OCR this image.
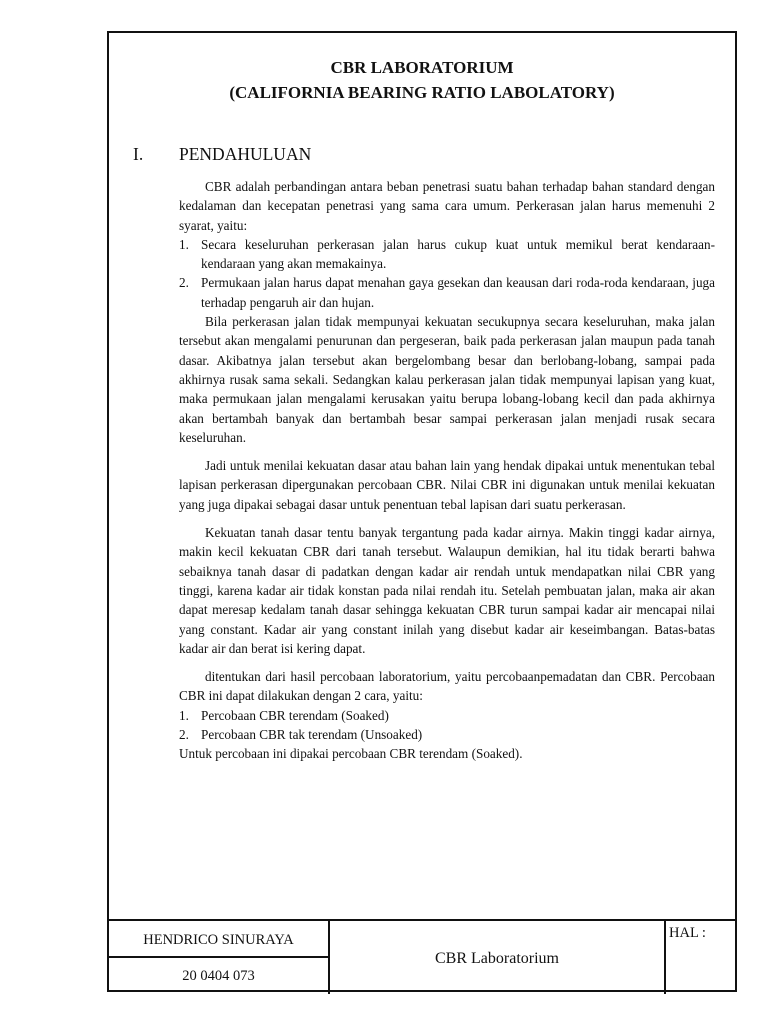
CBR LABORATORIUM
(CALIFORNIA BEARING RATIO LABOLATORY)
I. PENDAHULUAN

CBR adalah perbandingan antara beban penetrasi suatu bahan terhadap bahan standard dengan kedalaman dan kecepatan penetrasi yang sama cara umum. Perkerasan jalan harus memenuhi 2 syarat, yaitu:

1. Secara keseluruhan perkerasan jalan harus cukup kuat untuk memikul berat kendaraan-kendaraan yang akan memakainya.
2. Permukaan jalan harus dapat menahan gaya gesekan dan keausan dari roda-roda kendaraan, juga terhadap pengaruh air dan hujan.

Bila perkerasan jalan tidak mempunyai kekuatan secukupnya secara keseluruhan, maka jalan tersebut akan mengalami penurunan dan pergeseran, baik pada perkerasan jalan maupun pada tanah dasar. Akibatnya jalan tersebut akan bergelombang besar dan berlobang-lobang, sampai pada akhirnya rusak sama sekali. Sedangkan kalau perkerasan jalan tidak mempunyai lapisan yang kuat, maka permukaan jalan mengalami kerusakan yaitu berupa lobang-lobang kecil dan pada akhirnya akan bertambah banyak dan bertambah besar sampai perkerasan jalan menjadi rusak secara keseluruhan.

Jadi untuk menilai kekuatan dasar atau bahan lain yang hendak dipakai untuk menentukan tebal lapisan perkerasan dipergunakan percobaan CBR. Nilai CBR ini digunakan untuk menilai kekuatan yang juga dipakai sebagai dasar untuk penentuan tebal lapisan dari suatu perkerasan.

Kekuatan tanah dasar tentu banyak tergantung pada kadar airnya. Makin tinggi kadar airnya, makin kecil kekuatan CBR dari tanah tersebut. Walaupun demikian, hal itu tidak berarti bahwa sebaiknya tanah dasar di padatkan dengan kadar air rendah untuk mendapatkan nilai CBR yang tinggi, karena kadar air tidak konstan pada nilai rendah itu. Setelah pembuatan jalan, maka air akan dapat meresap kedalam tanah dasar sehingga kekuatan CBR turun sampai kadar air mencapai nilai yang constant. Kadar air yang constant inilah yang disebut kadar air keseimbangan. Batas-batas kadar air dan berat isi kering dapat.

ditentukan dari hasil percobaan laboratorium, yaitu percobaanpemadatan dan CBR. Percobaan CBR ini dapat dilakukan dengan 2 cara, yaitu:

1. Percobaan CBR terendam (Soaked)
2. Percobaan CBR tak terendam (Unsoaked)

Untuk percobaan ini dipakai percobaan CBR terendam (Soaked).

HENDRICO SINURAYA
20 0404 073
CBR Laboratorium
HAL :
